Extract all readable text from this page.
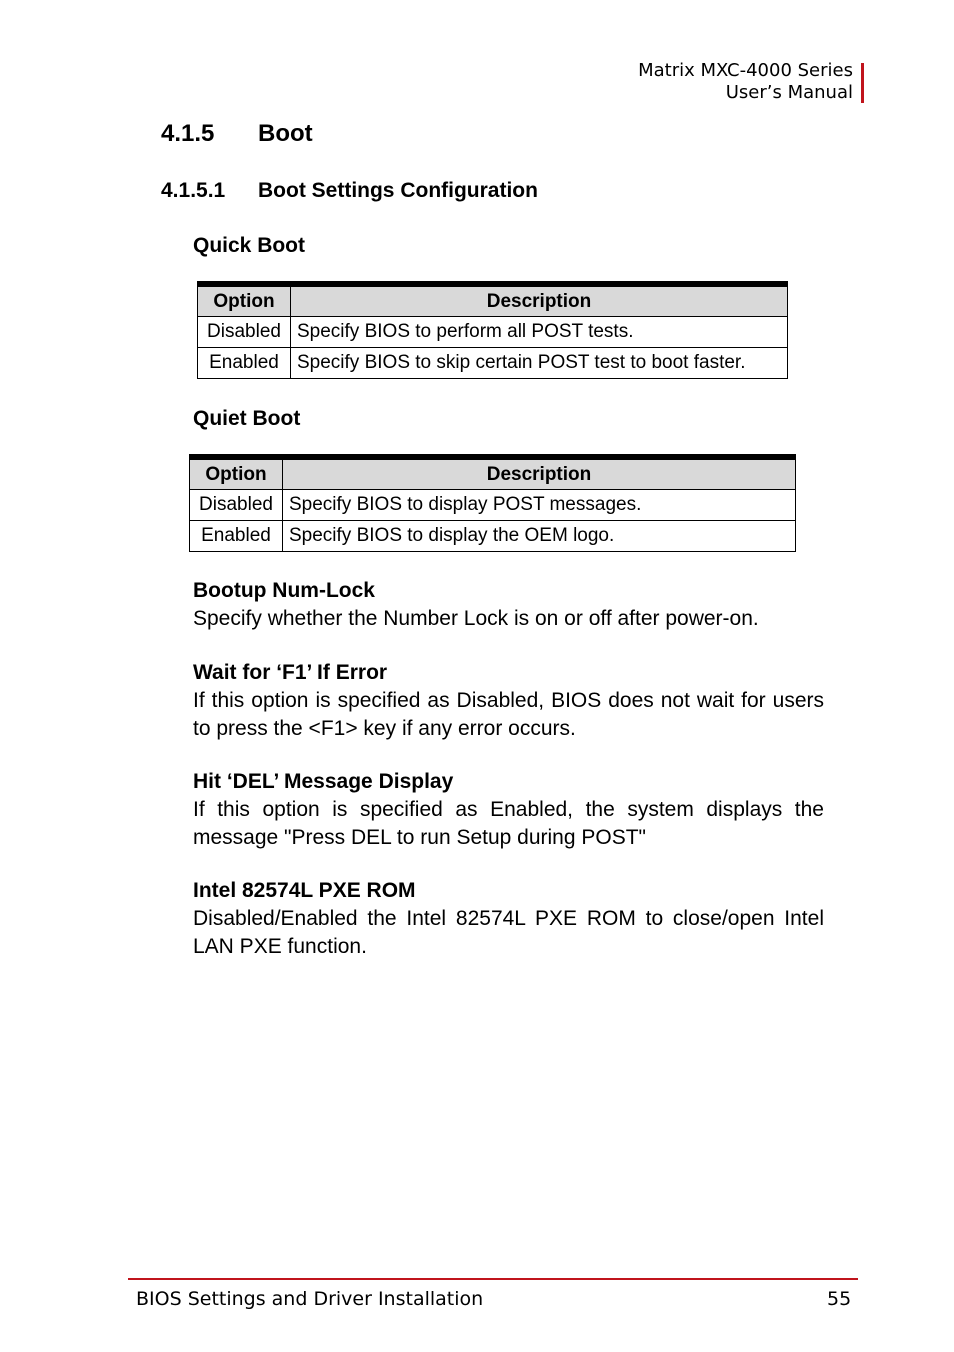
Matrix MXC-4000 Series
User’s Manual
4.1.5 Boot
4.1.5.1 Boot Settings Configuration
Quick Boot
Option	Description
Disabled	Specify BIOS to perform all POST tests.
Enabled	Specify BIOS to skip certain POST test to boot faster.
Quiet Boot
Option	Description
Disabled	Specify BIOS to display POST messages.
Enabled	Specify BIOS to display the OEM logo.
Bootup Num-Lock
Specify whether the Number Lock is on or off after power-on.
Wait for ‘F1’ If Error
If this option is specified as Disabled, BIOS does not wait for users to press the <F1> key if any error occurs.
Hit ‘DEL’ Message Display
If this option is specified as Enabled, the system displays the message "Press DEL to run Setup during POST"
Intel 82574L PXE ROM
Disabled/Enabled the Intel 82574L PXE ROM to close/open Intel LAN PXE function.
BIOS Settings and Driver Installation	55
